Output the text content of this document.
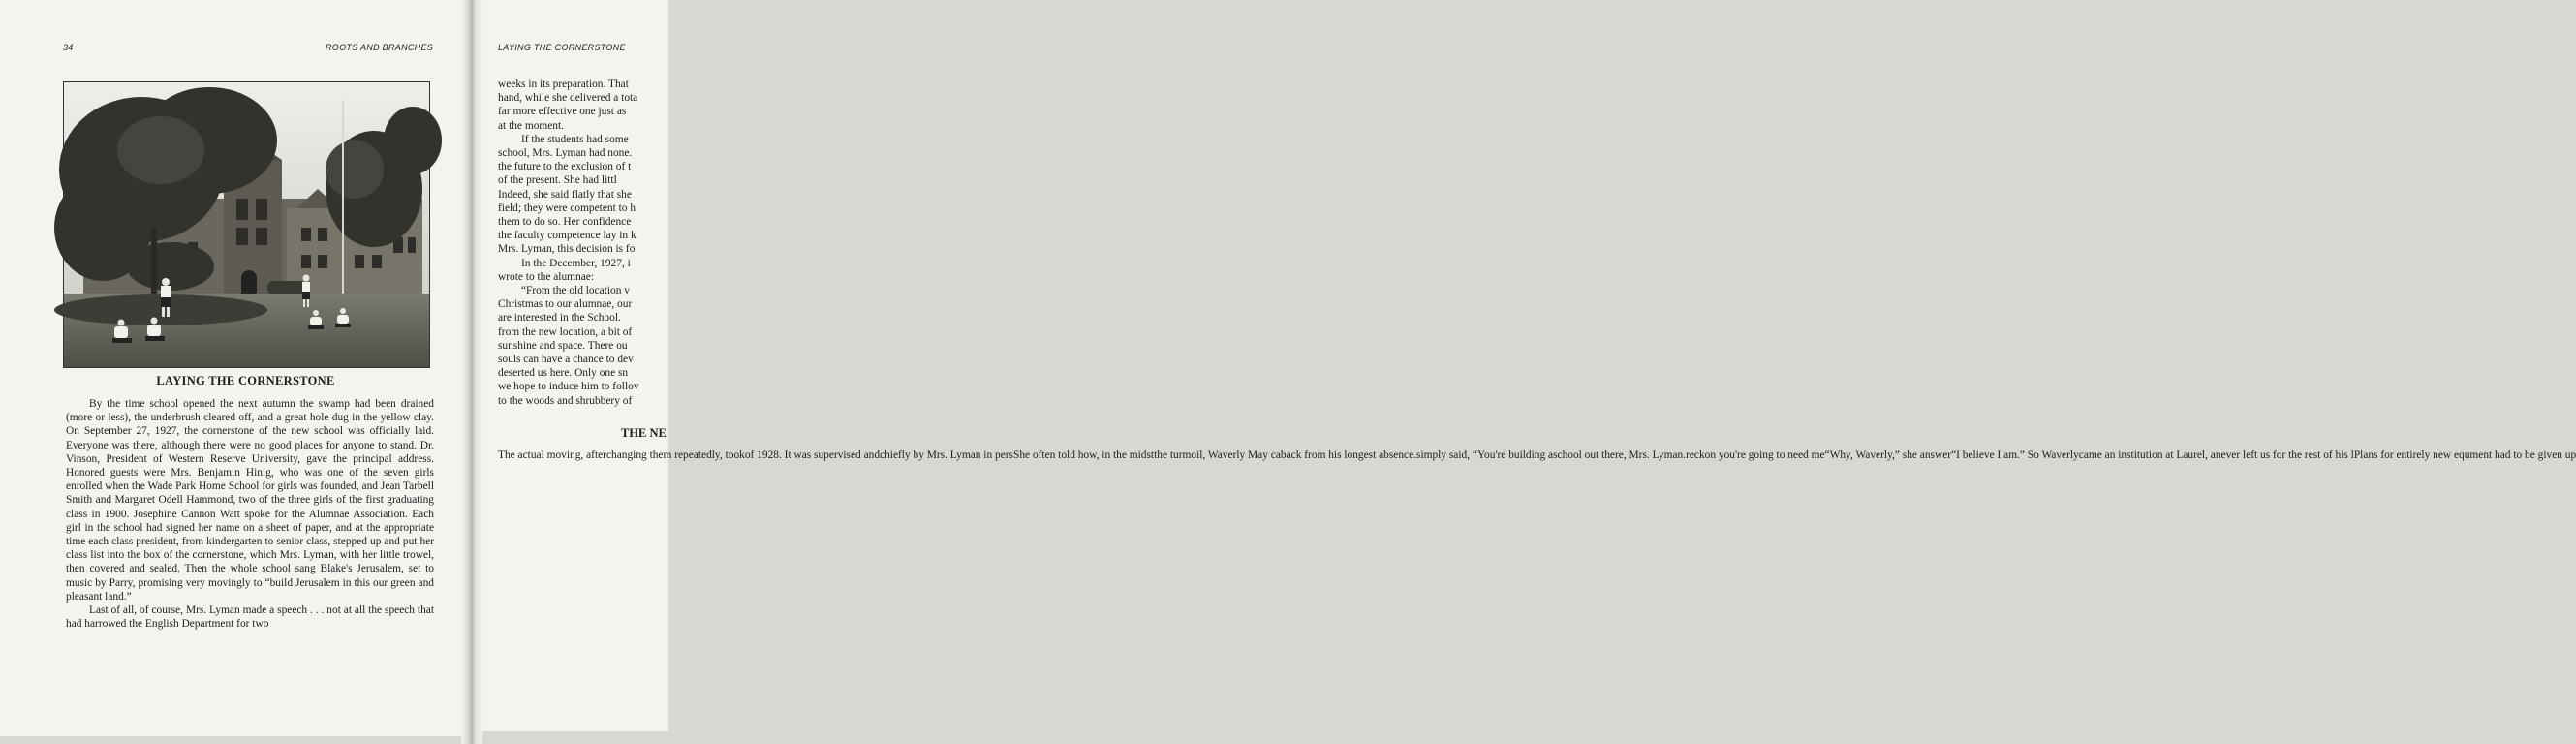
34	ROOTS AND BRANCHES
LAYING THE CORNERSTONE

By the time school opened the next autumn the swamp had been drained (more or less), the underbrush cleared off, and a great hole dug in the yellow clay. On September 27, 1927, the cornerstone of the new school was officially laid. Everyone was there, although there were no good places for anyone to stand. Dr. Vinson, President of Western Reserve University, gave the principal address. Honored guests were Mrs. Benjamin Hinig, who was one of the seven girls enrolled when the Wade Park Home School for girls was founded, and Jean Tarbell Smith and Margaret Odell Hammond, two of the three girls of the first graduating class in 1900. Josephine Cannon Watt spoke for the Alumnae Association. Each girl in the school had signed her name on a sheet of paper, and at the appropriate time each class president, from kindergarten to senior class, stepped up and put her class list into the box of the cornerstone, which Mrs. Lyman, with her little trowel, then covered and sealed. Then the whole school sang Blake's Jerusalem, set to music by Parry, promising very movingly to “build Jerusalem in this our green and pleasant land.”

Last of all, of course, Mrs. Lyman made a speech . . . not at all the speech that had harrowed the English Department for two

LAYING THE CORNERSTONE
weeks in its preparation. That
hand, while she delivered a tota
far more effective one just as
at the moment.
If the students had some
school, Mrs. Lyman had none.
the future to the exclusion of t
of the present. She had littl
Indeed, she said flatly that she
field; they were competent to h
them to do so. Her confidence
the faculty competence lay in k
Mrs. Lyman, this decision is fo
In the December, 1927, i
wrote to the alumnae:
“From the old location v
Christmas to our alumnae, our
are interested in the School.
from the new location, a bit of
sunshine and space. There ou
souls can have a chance to dev
deserted us here. Only one sn
we hope to induce him to follov
to the woods and shrubbery of
THE NE
The actual moving, afterchanging them repeatedly, tookof 1928. It was supervised andchiefly by Mrs. Lyman in persShe often told how, in the midstthe turmoil, Waverly May caback from his longest absence.simply said, “You're building aschool out there, Mrs. Lyman.reckon you're going to need me“Why, Waverly,” she answer“I believe I am.” So Waverlycame an institution at Laurel, anever left us for the rest of his lPlans for entirely new equment had to be given up
